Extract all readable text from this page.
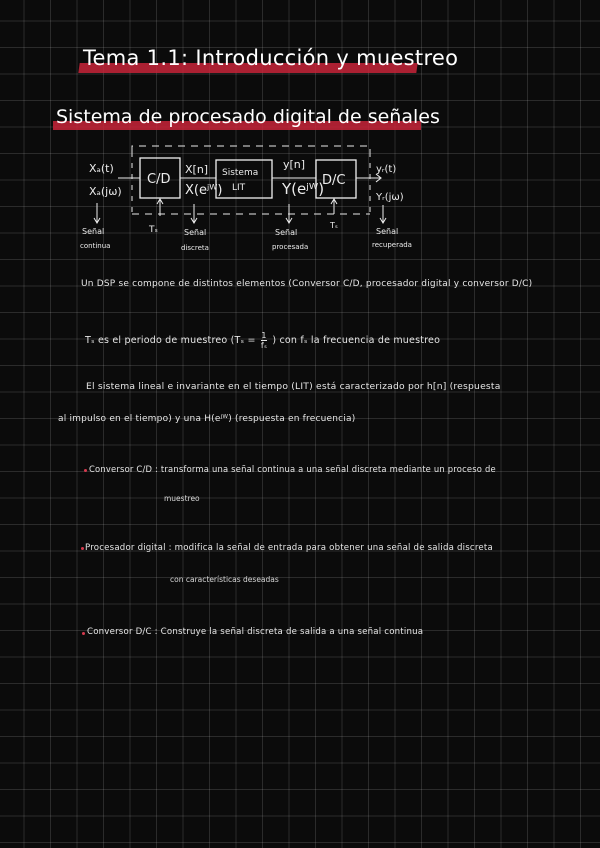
Tema 1.1: Introducción y muestreo
Sistema de procesado digital de señales
C/D	Sistema
LIT	D/C
Xₐ(t)
Xₐ(jω)
X[n]
X(eʲᵂ)
y[n]
Y(eʲᵂ)
yᵣ(t)
Yᵣ(jω)
Tₛ	Tₛ
Señal
continua
Señal
discreta
Señal
procesada
Señal
recuperada
Un DSP se compone de distintos elementos (Conversor C/D, procesador digital y conversor D/C)
Tₛ es el periodo de muestreo ($T_s = \frac{1}{\text{fₛ}}$ ) con fₛ la frecuencia de muestreo
El sistema lineal e invariante en el tiempo (LIT) está caracterizado por h[n] (respuesta
al impulso en el tiempo) y una H(eʲᵂ) (respuesta en frecuencia)
Conversor C/D : transforma una señal continua a una señal discreta mediante un proceso de
muestreo
Procesador digital : modifica la señal de entrada para obtener una señal de salida discreta
con características deseadas
Conversor D/C : Construye la señal discreta de salida a una señal continua
